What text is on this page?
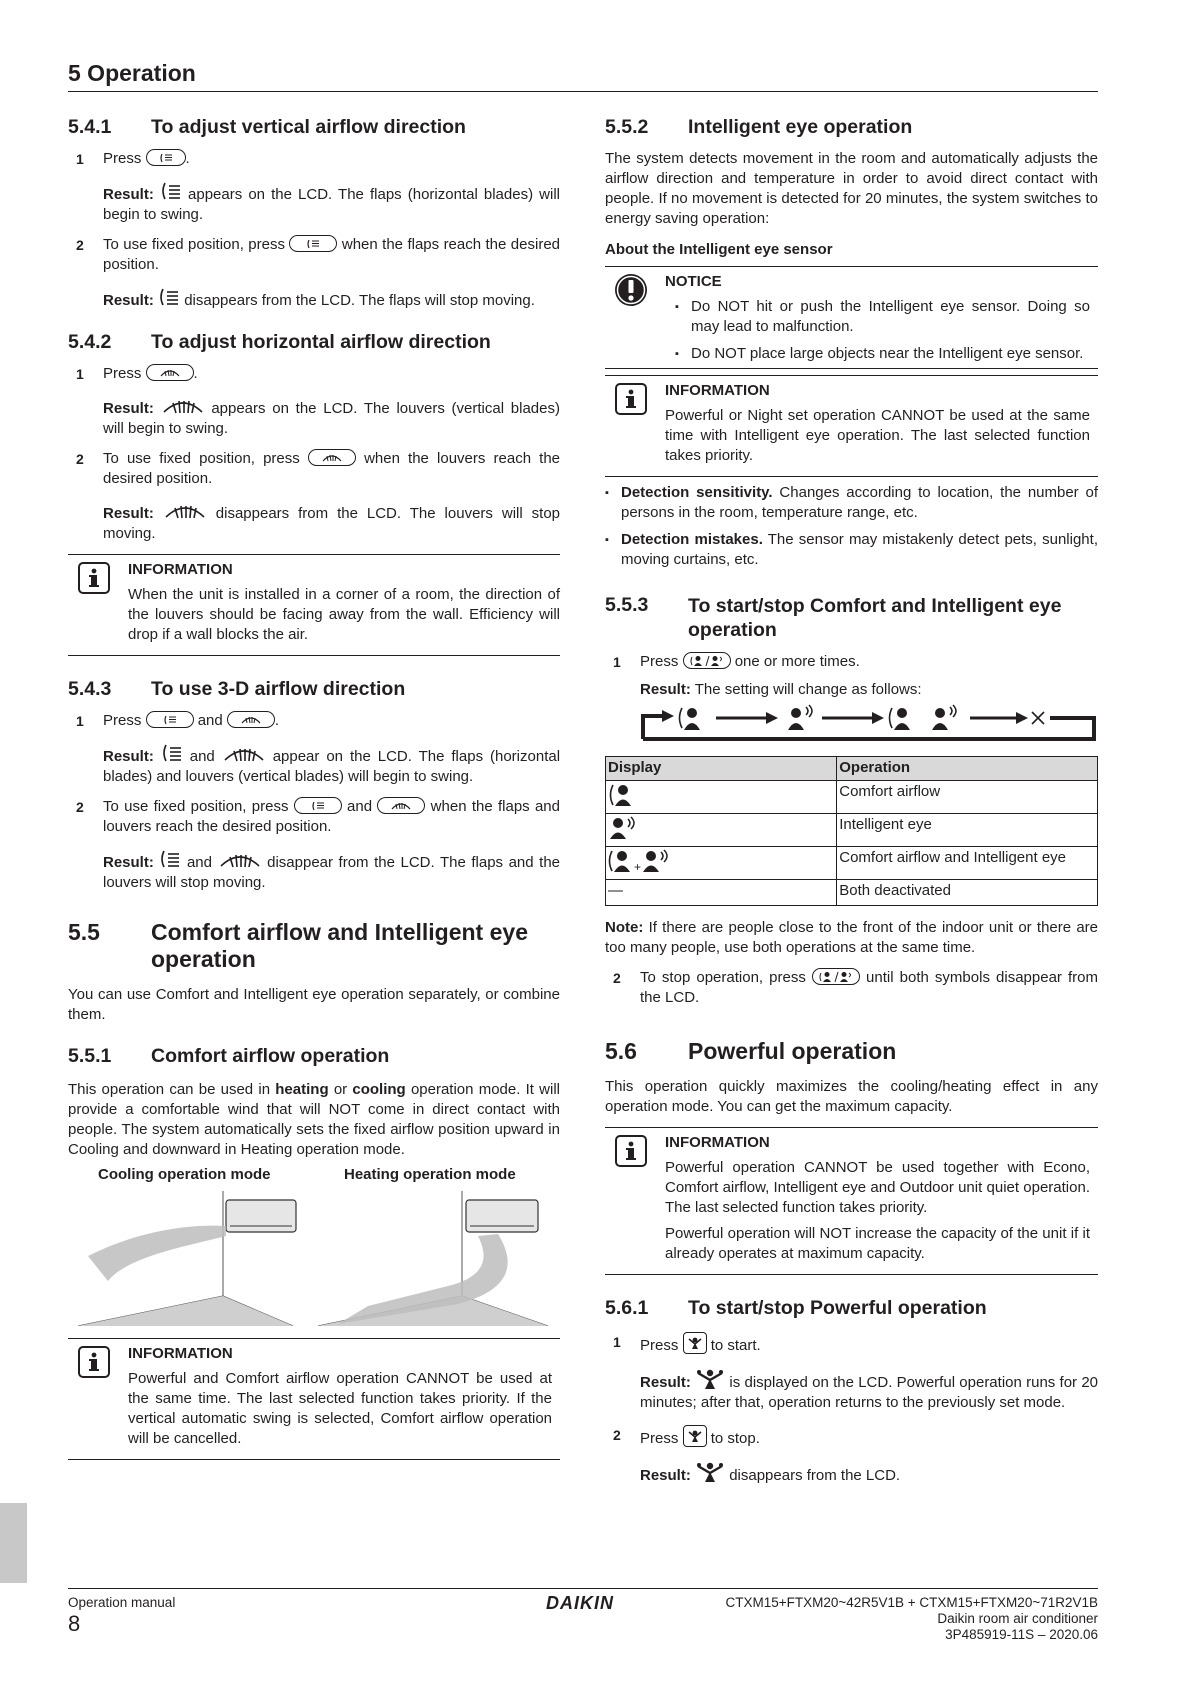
5 Operation
5.4.1	To adjust vertical airflow direction
1	Press	.
Result: appears on the LCD. The flaps (horizontal blades) will begin to swing.
2	To use fixed position, press	when the flaps reach the desired position.
Result: disappears from the LCD. The flaps will stop moving.
5.4.2	To adjust horizontal airflow direction
1	Press	.
Result:	appears on the LCD. The louvers (vertical blades) will begin to swing.
2	To use fixed position, press	when the louvers reach the desired position.
Result:	disappears from the LCD. The louvers will stop moving.
INFORMATION

When the unit is installed in a corner of a room, the direction of the louvers should be facing away from the wall. Efficiency will drop if a wall blocks the air.

5.4.3	To use 3-D airflow direction
1	Press	and	.
Result: and	appear on the LCD. The flaps (horizontal blades) and louvers (vertical blades) will begin to swing.
2	To use fixed position, press	and	when the flaps and louvers reach the desired position.
Result: and	disappear from the LCD. The flaps and the louvers will stop moving.
5.5	Comfort airflow and Intelligent eye operation

You can use Comfort and Intelligent eye operation separately, or combine them.

5.5.1	Comfort airflow operation

This operation can be used in heating or cooling operation mode. It will provide a comfortable wind that will NOT come in direct contact with people. The system automatically sets the fixed airflow position upward in Cooling and downward in Heating operation mode.

Cooling operation mode	Heating operation mode
INFORMATION

Powerful and Comfort airflow operation CANNOT be used at the same time. The last selected function takes priority. If the vertical automatic swing is selected, Comfort airflow operation will be cancelled.

5.5.2	Intelligent eye operation

The system detects movement in the room and automatically adjusts the airflow direction and temperature in order to avoid direct contact with people. If no movement is detected for 20 minutes, the system switches to energy saving operation:

About the Intelligent eye sensor
NOTICE
▪ Do NOT hit or push the Intelligent eye sensor. Doing so may lead to malfunction.
▪ Do NOT place large objects near the Intelligent eye sensor.
INFORMATION

Powerful or Night set operation CANNOT be used at the same time with Intelligent eye operation. The last selected function takes priority.

▪ Detection sensitivity. Changes according to location, the number of persons in the room, temperature range, etc.
▪ Detection mistakes. The sensor may mistakenly detect pets, sunlight, moving curtains, etc.
5.5.3	To start/stop Comfort and Intelligent eye operation
1	Press	one or more times.
Result: The setting will change as follows:
Display	Operation
	Comfort airflow
	Intelligent eye
+	Comfort airflow and Intelligent eye
—	Both deactivated

Note: If there are people close to the front of the indoor unit or there are too many people, use both operations at the same time.

2	To stop operation, press	until both symbols disappear from the LCD.
5.6	Powerful operation

This operation quickly maximizes the cooling/heating effect in any operation mode. You can get the maximum capacity.

INFORMATION

Powerful operation CANNOT be used together with Econo, Comfort airflow, Intelligent eye and Outdoor unit quiet operation. The last selected function takes priority.

Powerful operation will NOT increase the capacity of the unit if it already operates at maximum capacity.

5.6.1	To start/stop Powerful operation
1	Press to start.
Result:	is displayed on the LCD. Powerful operation runs for 20 minutes; after that, operation returns to the previously set mode.
2	Press to stop.
Result:	disappears from the LCD.
Operation manual
8
DAIKIN	CTXM15+FTXM20~42R5V1B + CTXM15+FTXM20~71R2V1B
Daikin room air conditioner
3P485919-11S – 2020.06
